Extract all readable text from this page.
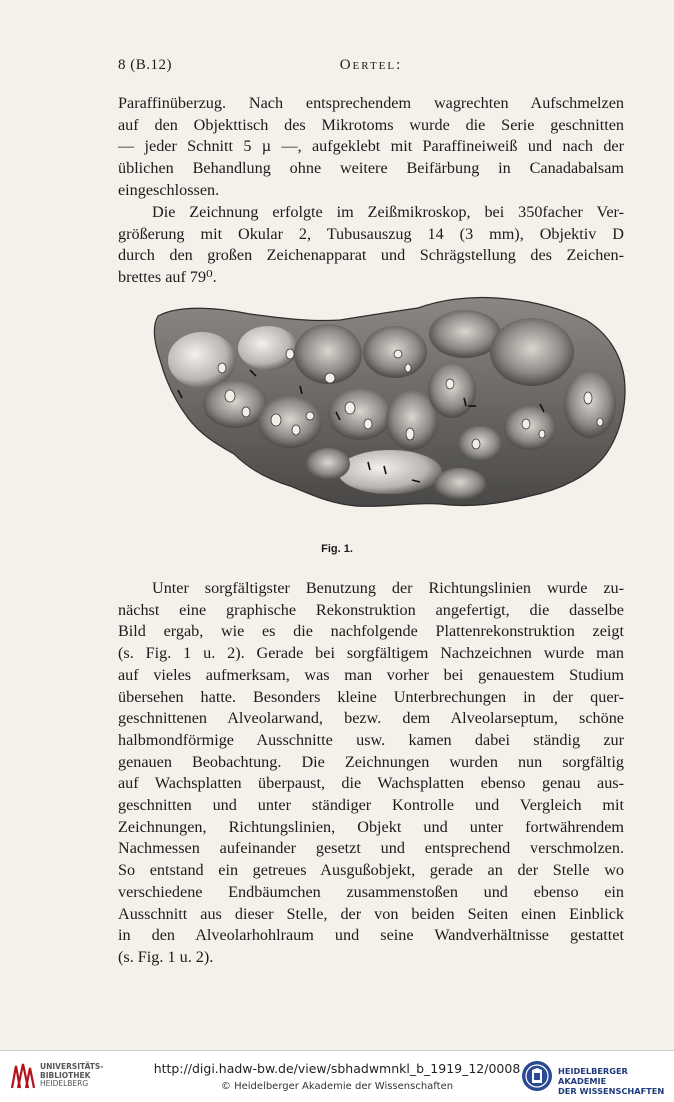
8 (B.12)	Oertel:

Paraffinüberzug. Nach entsprechendem wagrechten Aufschmelzen
auf den Objekttisch des Mikrotoms wurde die Serie geschnitten
— jeder Schnitt 5 µ —, aufgeklebt mit Paraffineiweiß und nach der
üblichen Behandlung ohne weitere Beifärbung in Canadabalsam
eingeschlossen.

Die Zeichnung erfolgte im Zeißmikroskop, bei 350facher Ver-
größerung mit Okular 2, Tubusauszug 14 (3 mm), Objektiv D
durch den großen Zeichenapparat und Schrägstellung des Zeichen-
brettes auf 79⁰.

Fig. 1.

Unter sorgfältigster Benutzung der Richtungslinien wurde zu-
nächst eine graphische Rekonstruktion angefertigt, die dasselbe
Bild ergab, wie es die nachfolgende Plattenrekonstruktion zeigt
(s. Fig. 1 u. 2). Gerade bei sorgfältigem Nachzeichnen wurde man
auf vieles aufmerksam, was man vorher bei genauestem Studium
übersehen hatte. Besonders kleine Unterbrechungen in der quer-
geschnittenen Alveolarwand, bezw. dem Alveolarseptum, schöne
halbmondförmige Ausschnitte usw. kamen dabei ständig zur
genauen Beobachtung. Die Zeichnungen wurden nun sorgfältig
auf Wachsplatten überpaust, die Wachsplatten ebenso genau aus-
geschnitten und unter ständiger Kontrolle und Vergleich mit
Zeichnungen, Richtungslinien, Objekt und unter fortwährendem
Nachmessen aufeinander gesetzt und entsprechend verschmolzen.
So entstand ein getreues Ausgußobjekt, gerade an der Stelle wo
verschiedene Endbäumchen zusammenstoßen und ebenso ein
Ausschnitt aus dieser Stelle, der von beiden Seiten einen Einblick
in den Alveolarhohlraum und seine Wandverhältnisse gestattet
(s. Fig. 1 u. 2).

UNIVERSITÄTS-
BIBLIOTHEK
HEIDELBERG
http://digi.hadw-bw.de/view/sbhadwmnkl_b_1919_12/0008
© Heidelberger Akademie der Wissenschaften
HEIDELBERGER AKADEMIE
DER WISSENSCHAFTEN
